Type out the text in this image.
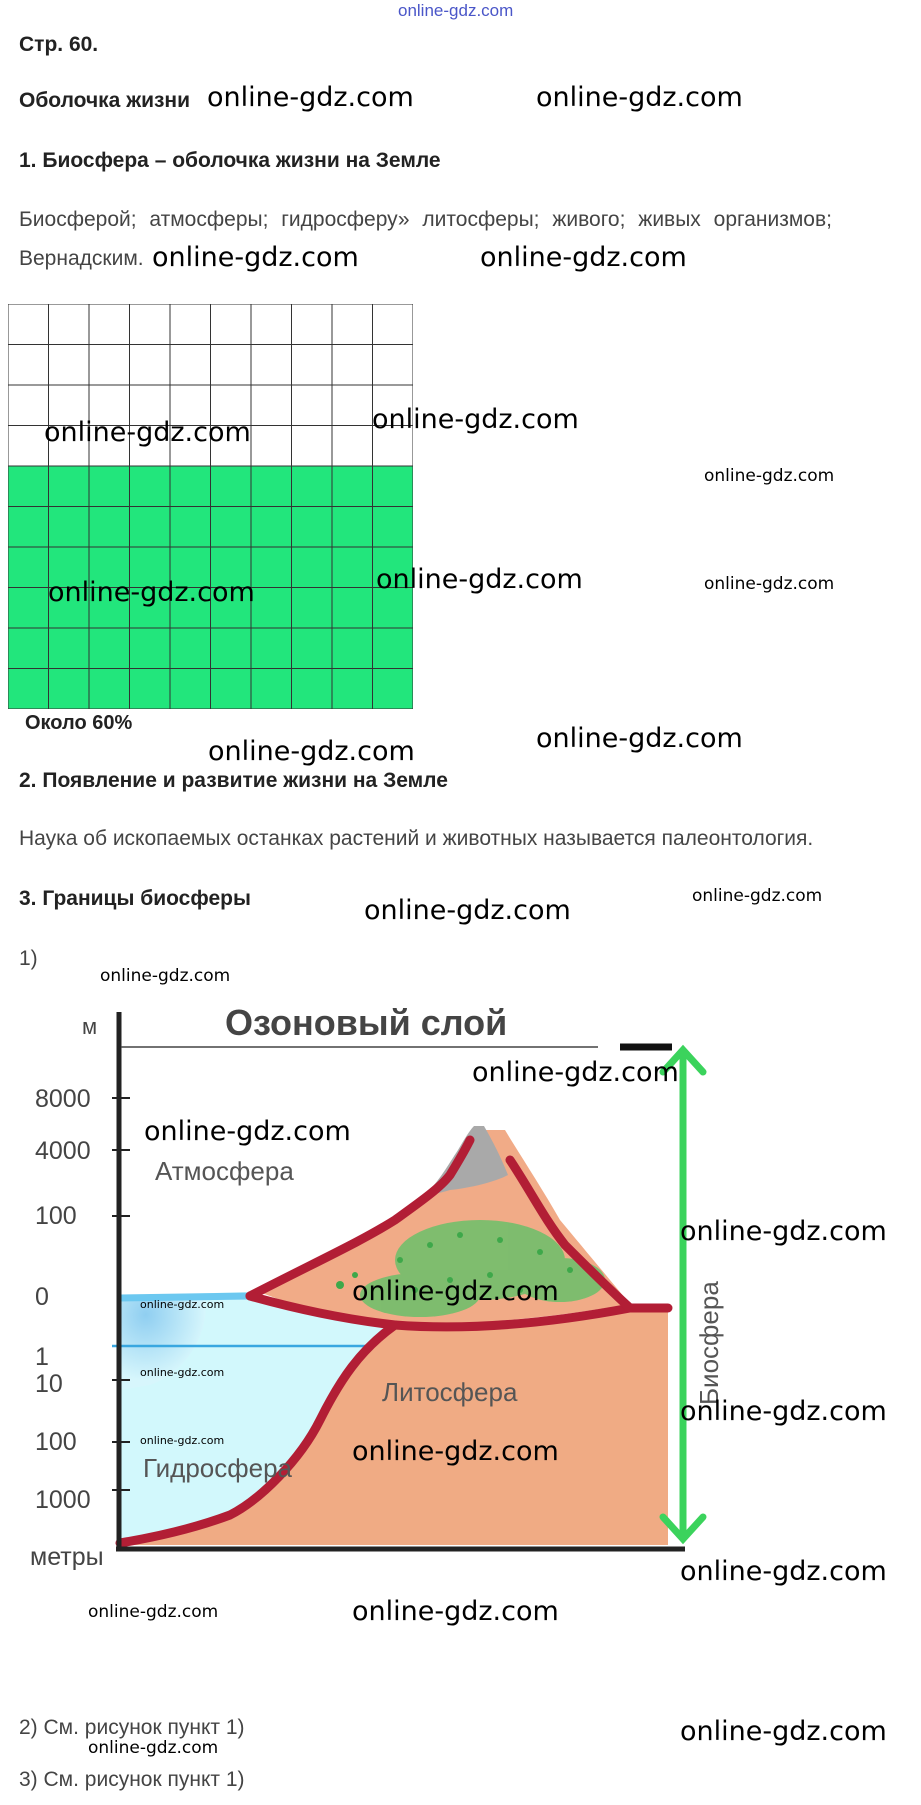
online-gdz.com
Стр. 60.
Оболочка жизни
1. Биосфера – оболочка жизни на Земле
Биосферой; атмосферы; гидросферу» литосферы; живого; живых организмов;
Вернадским.
Около 60%
2. Появление и развитие жизни на Земле
Наука об ископаемых останках растений и животных называется палеонтология.
3. Границы биосферы
1)
Озоновый слой
м
8000
4000
100
0
1
10
100
1000
метры
Атмосфера
Литосфера
Гидросфера
Биосфера
2) См. рисунок пункт 1)
3) См. рисунок пункт 1)
online-gdz.com	online-gdz.com
online-gdz.com	online-gdz.com
online-gdz.com	online-gdz.com
online-gdz.com
online-gdz.com	online-gdz.com	online-gdz.com
online-gdz.com
online-gdz.com
online-gdz.com
online-gdz.com
online-gdz.com
online-gdz.com
online-gdz.com
online-gdz.com
online-gdz.com
online-gdz.com
online-gdz.com
online-gdz.com
online-gdz.com	online-gdz.com
online-gdz.com
online-gdz.com	online-gdz.com
online-gdz.com
online-gdz.com
